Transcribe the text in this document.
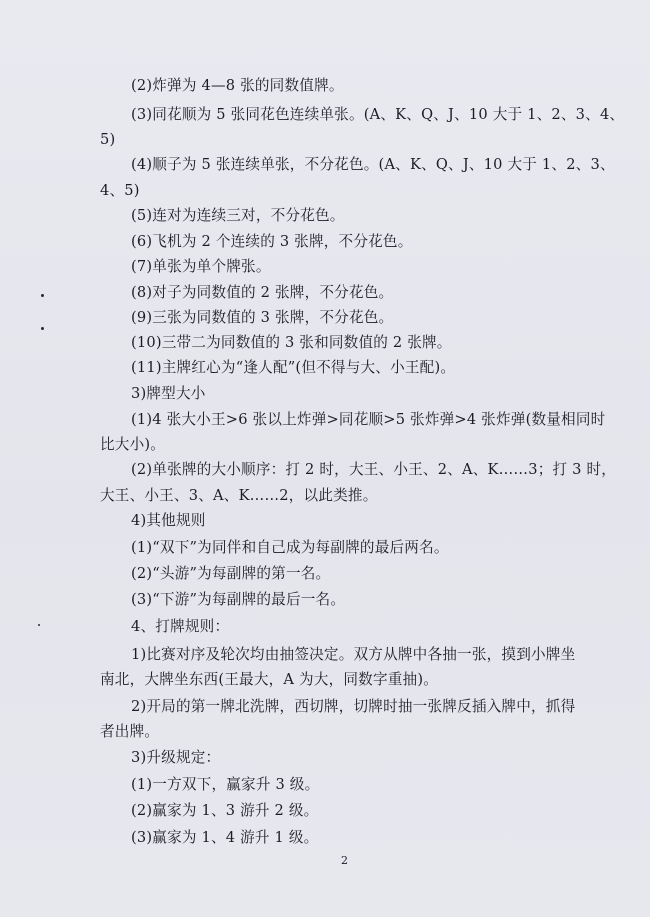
(2)炸弹为 4—8 张的同数值牌。
(3)同花顺为 5 张同花色连续单张。(A、K、Q、J、10 大于 1、2、3、4、
5)
(4)顺子为 5 张连续单张，不分花色。(A、K、Q、J、10 大于 1、2、3、
4、5)
(5)连对为连续三对，不分花色。
(6)飞机为 2 个连续的 3 张牌，不分花色。
(7)单张为单个牌张。
(8)对子为同数值的 2 张牌，不分花色。
(9)三张为同数值的 3 张牌，不分花色。
(10)三带二为同数值的 3 张和同数值的 2 张牌。
(11)主牌红心为“逢人配”(但不得与大、小王配)。
3)牌型大小
(1)4 张大小王>6 张以上炸弹>同花顺>5 张炸弹>4 张炸弹(数量相同时
比大小)。
(2)单张牌的大小顺序：打 2 时，大王、小王、2、A、K……3；打 3 时，
大王、小王、3、A、K……2，以此类推。
4)其他规则
(1)“双下”为同伴和自己成为每副牌的最后两名。
(2)“头游”为每副牌的第一名。
(3)“下游”为每副牌的最后一名。
4、打牌规则：
1)比赛对序及轮次均由抽签决定。双方从牌中各抽一张，摸到小牌坐
南北，大牌坐东西(王最大，A 为大，同数字重抽)。
2)开局的第一牌北洗牌，西切牌，切牌时抽一张牌反插入牌中，抓得
者出牌。
3)升级规定：
(1)一方双下，赢家升 3 级。
(2)赢家为 1、3 游升 2 级。
(3)赢家为 1、4 游升 1 级。
2
